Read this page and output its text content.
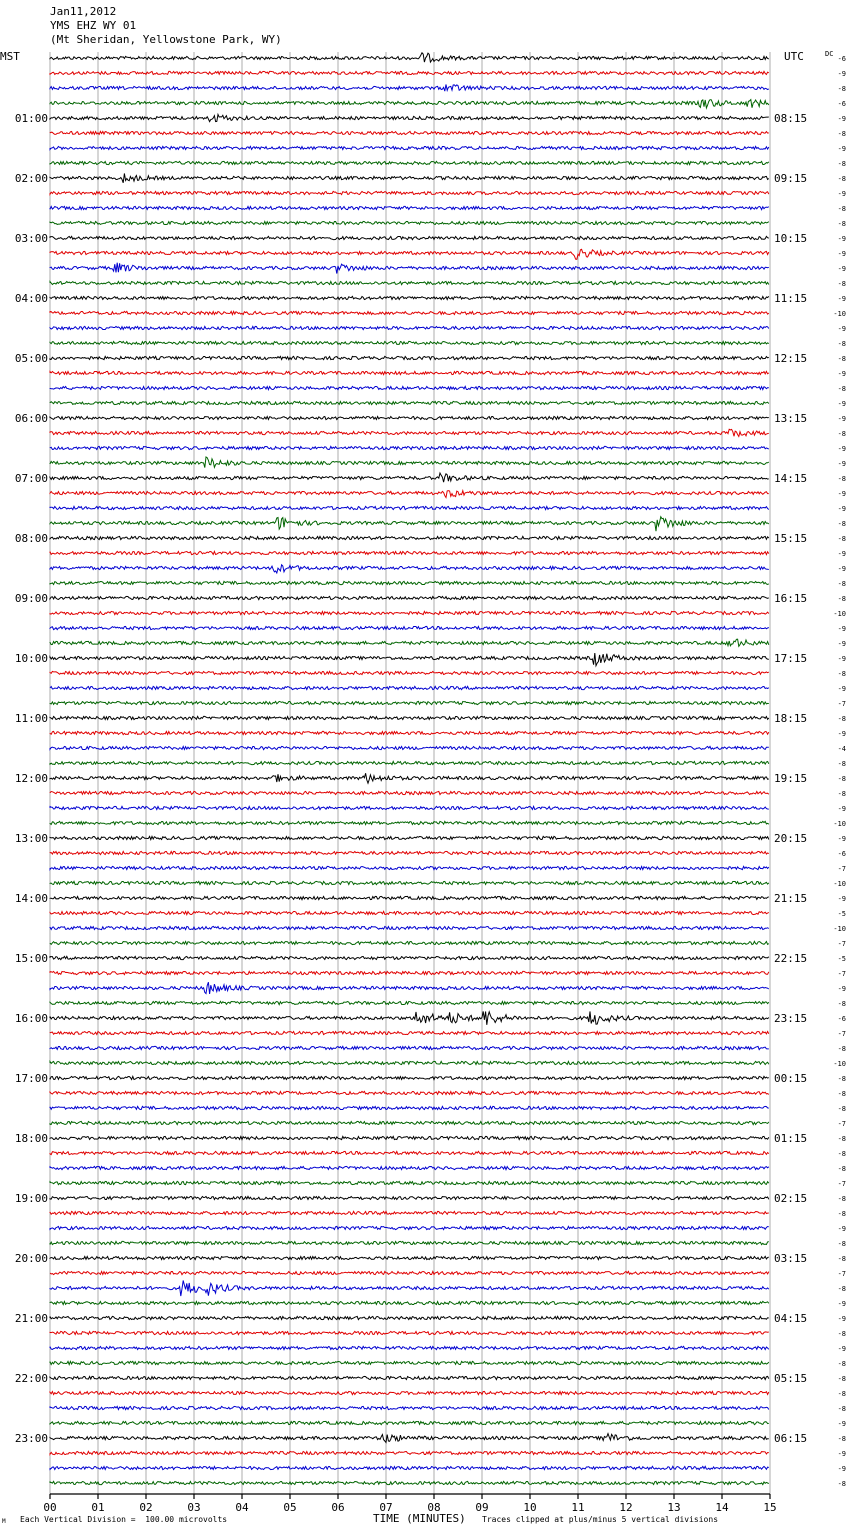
Jan11,2012
YMS EHZ WY 01
(Mt Sheridan, Yellowstone Park, WY)
MST	UTC	DC
00	01	02	03	04	05	06	07	08	09	10	11	12	13	14	15
01:00
02:00
03:00
04:00
05:00
06:00
07:00
08:00
09:00
10:00
11:00
12:00
13:00
14:00
15:00
16:00
17:00
18:00
19:00
20:00
21:00
22:00
23:00
08:15
09:15
10:15
11:15
12:15
13:15
14:15
15:15
16:15
17:15
18:15
19:15
20:15
21:15
22:15
23:15
00:15
01:15
02:15
03:15
04:15
05:15
06:15
-6
-9
-8
-6
-9
-8
-9
-8
-8
-9
-8
-8
-9
-9
-9
-8
-9
-10
-9
-8
-8
-9
-8
-9
-9
-8
-9
-9
-8
-9
-9
-8
-8
-9
-9
-8
-8
-10
-9
-9
-9
-8
-9
-7
-8
-9
-4
-8
-8
-8
-9
-10
-9
-6
-7
-10
-9
-5
-10
-7
-5
-7
-9
-8
-6
-7
-8
-10
-8
-8
-8
-7
-8
-8
-8
-7
-8
-8
-9
-8
-8
-7
-8
-9
-9
-8
-9
-8
-8
-8
-8
-9
-8
-9
-9
-8
TIME (MINUTES)
Each Vertical Division =  100.00 microvolts	Traces clipped at plus/minus 5 vertical divisions
M
